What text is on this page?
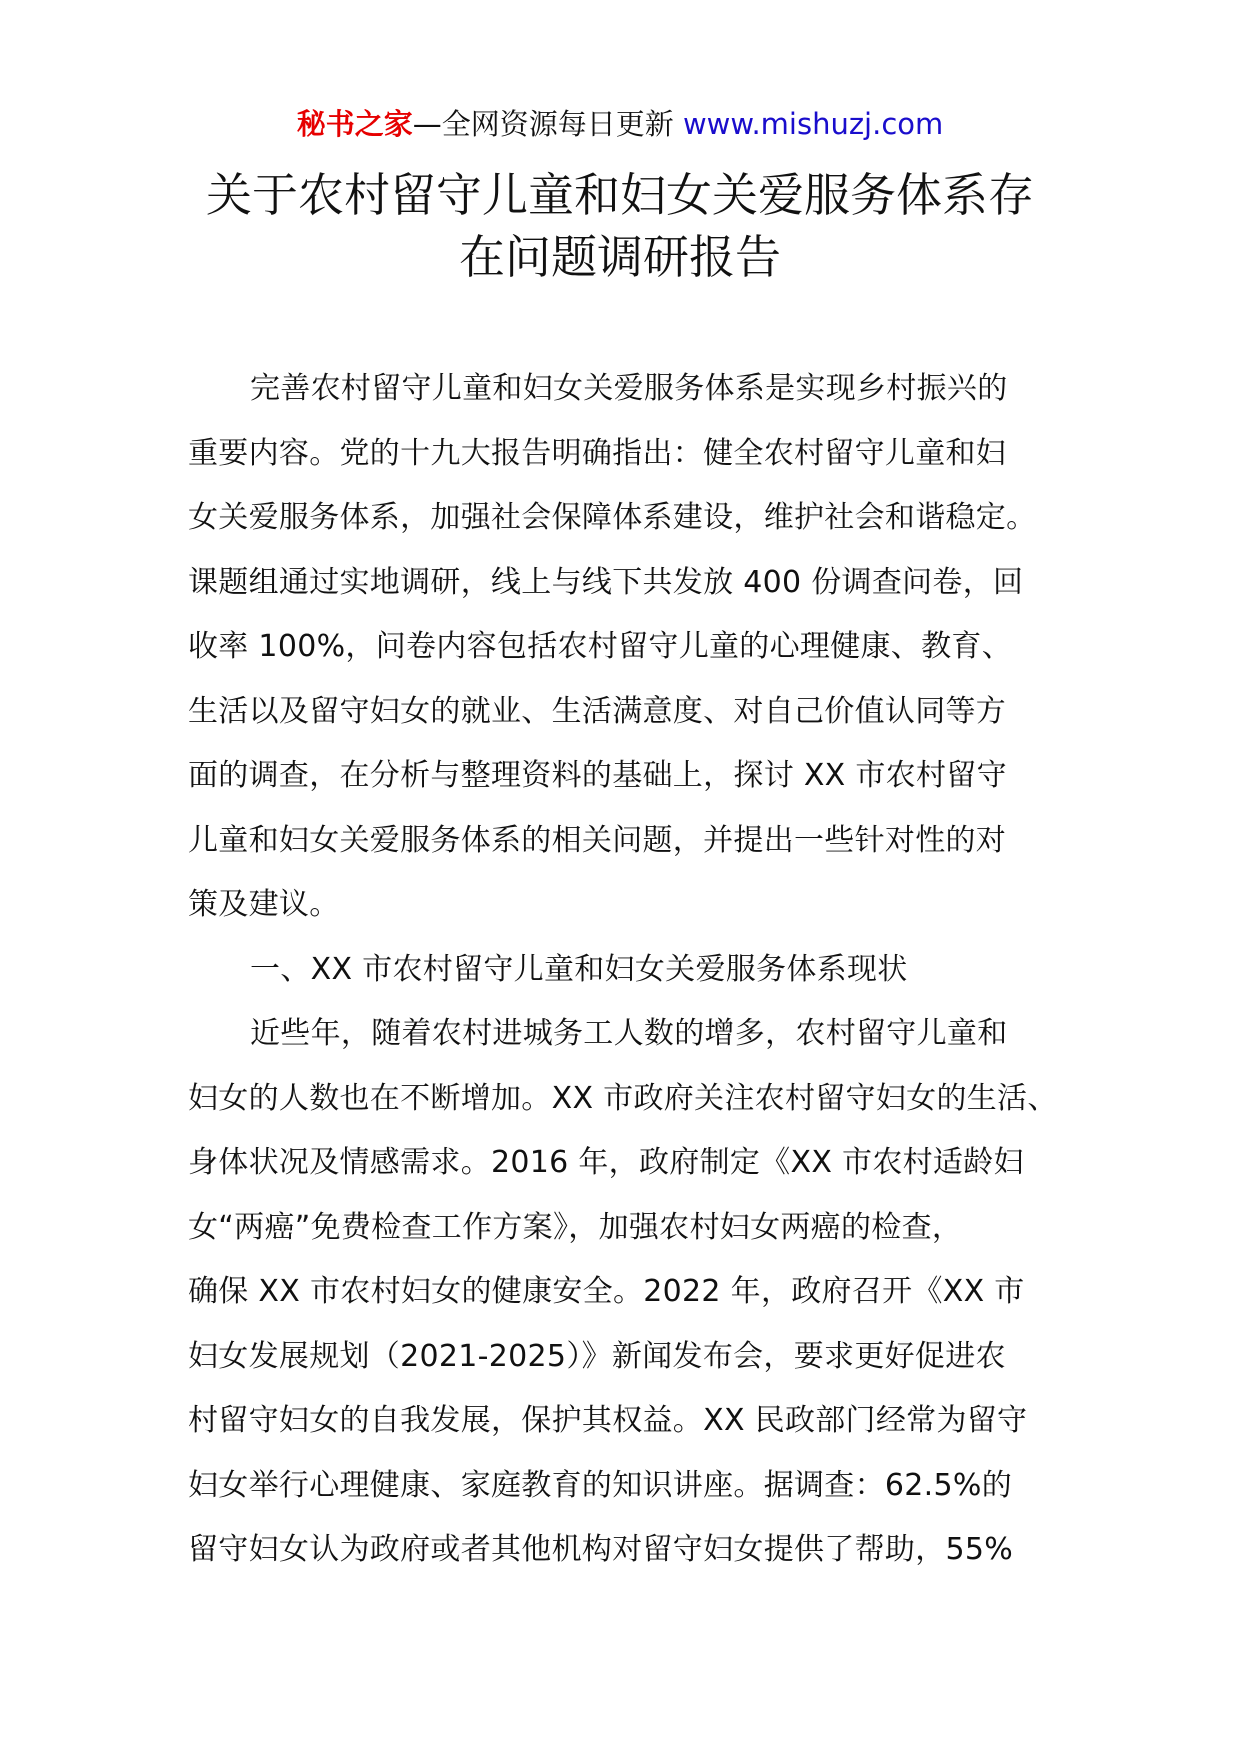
秘书之家—全网资源每日更新 www.mishuzj.com
关于农村留守儿童和妇女关爱服务体系存
在问题调研报告
完善农村留守儿童和妇女关爱服务体系是实现乡村振兴的
重要内容。党的十九大报告明确指出：健全农村留守儿童和妇
女关爱服务体系，加强社会保障体系建设，维护社会和谐稳定。
课题组通过实地调研，线上与线下共发放 400 份调查问卷，回
收率 100%，问卷内容包括农村留守儿童的心理健康、教育、
生活以及留守妇女的就业、生活满意度、对自己价值认同等方
面的调查，在分析与整理资料的基础上，探讨 XX 市农村留守
儿童和妇女关爱服务体系的相关问题，并提出一些针对性的对
策及建议。
一、XX 市农村留守儿童和妇女关爱服务体系现状
近些年，随着农村进城务工人数的增多，农村留守儿童和
妇女的人数也在不断增加。XX 市政府关注农村留守妇女的生活、
身体状况及情感需求。2016 年，政府制定《XX 市农村适龄妇
女“两癌”免费检查工作方案》，加强农村妇女两癌的检查，
确保 XX 市农村妇女的健康安全。2022 年，政府召开《XX 市
妇女发展规划（2021-2025）》新闻发布会，要求更好促进农
村留守妇女的自我发展，保护其权益。XX 民政部门经常为留守
妇女举行心理健康、家庭教育的知识讲座。据调查：62.5%的
留守妇女认为政府或者其他机构对留守妇女提供了帮助，55%
